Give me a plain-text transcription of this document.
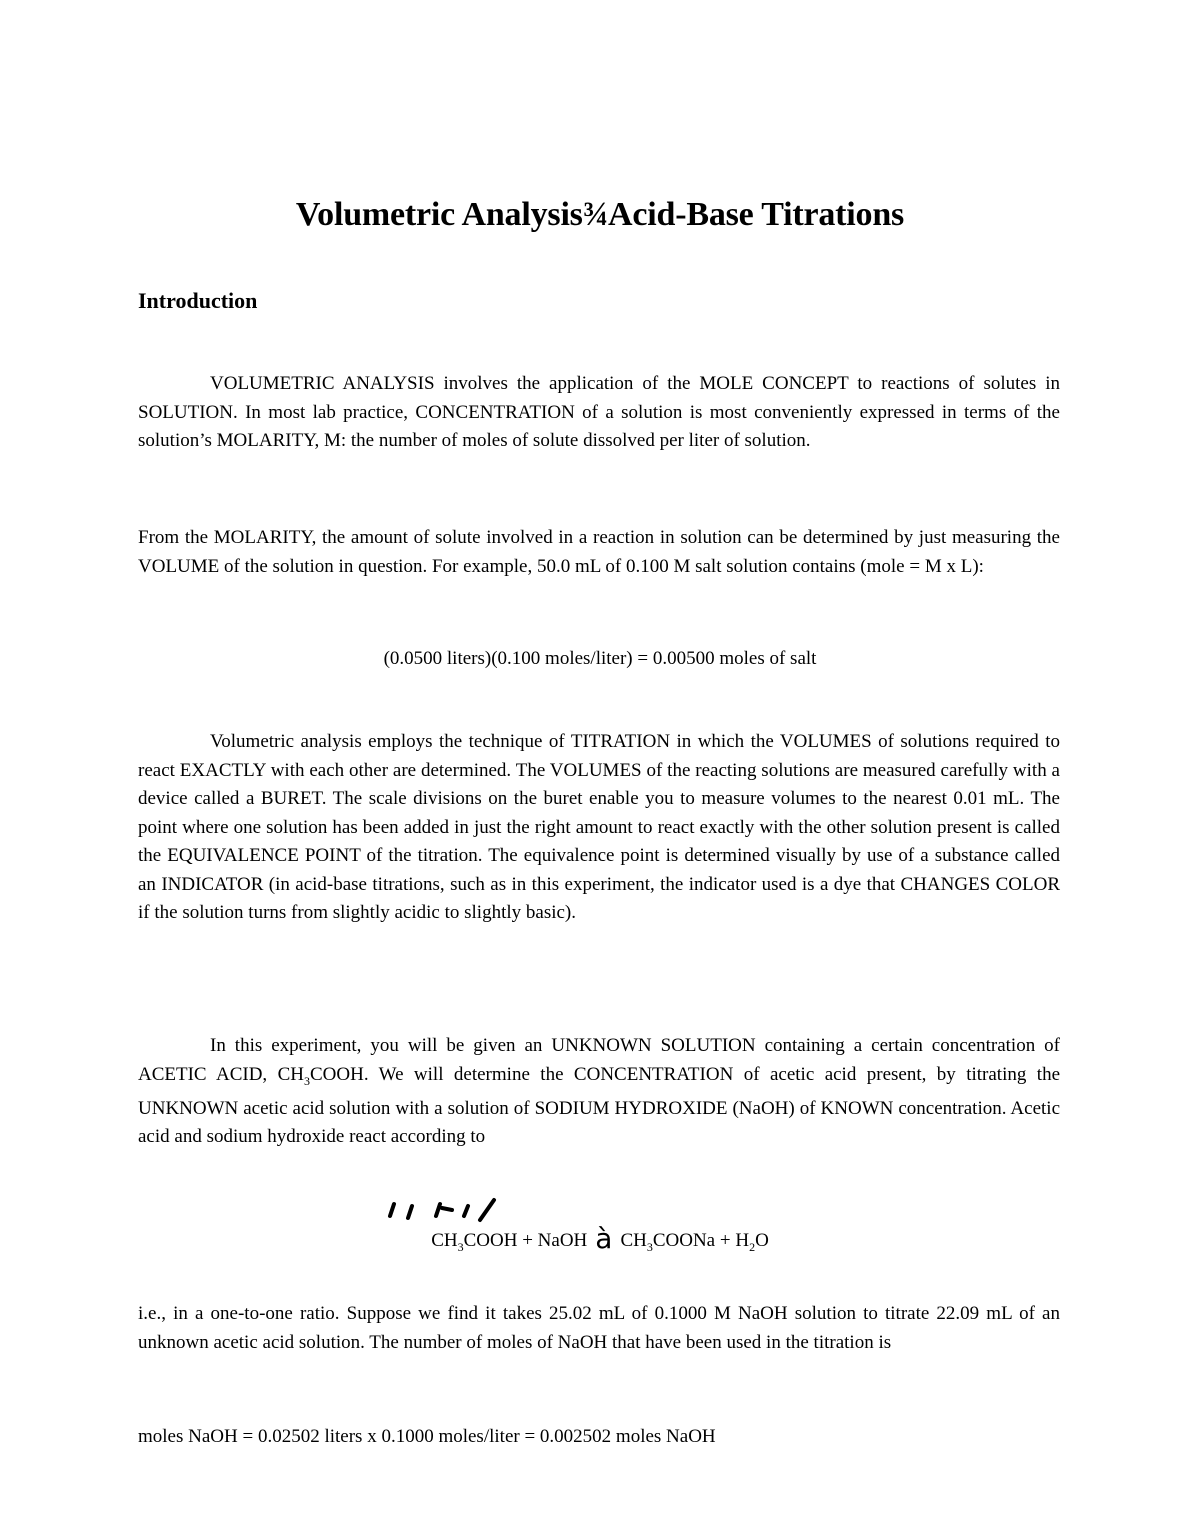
Volumetric Analysis¾Acid-Base Titrations
Introduction
VOLUMETRIC ANALYSIS involves the application of the MOLE CONCEPT to reactions of solutes in SOLUTION. In most lab practice, CONCENTRATION of a solution is most conveniently expressed in terms of the solution’s MOLARITY, M: the number of moles of solute dissolved per liter of solution.
From the MOLARITY, the amount of solute involved in a reaction in solution can be determined by just measuring the VOLUME of the solution in question. For example, 50.0 mL of 0.100 M salt solution contains (mole = M x L):
(0.0500 liters)(0.100 moles/liter) = 0.00500 moles of salt
Volumetric analysis employs the technique of TITRATION in which the VOLUMES of solutions required to react EXACTLY with each other are determined. The VOLUMES of the reacting solutions are measured carefully with a device called a BURET. The scale divisions on the buret enable you to measure volumes to the nearest 0.01 mL. The point where one solution has been added in just the right amount to react exactly with the other solution present is called the EQUIVALENCE POINT of the titration. The equivalence point is determined visually by use of a substance called an INDICATOR (in acid-base titrations, such as in this experiment, the indicator used is a dye that CHANGES COLOR if the solution turns from slightly acidic to slightly basic).
In this experiment, you will be given an UNKNOWN SOLUTION containing a certain concentration of ACETIC ACID, $CH_3COOH$. We will determine the CONCENTRATION of acetic acid present, by titrating the UNKNOWN acetic acid solution with a solution of SODIUM HYDROXIDE (NaOH) of KNOWN concentration. Acetic acid and sodium hydroxide react according to
$CH_3COOH$ + NaOH à $CH_3COONa + H_2O$
i.e., in a one-to-one ratio. Suppose we find it takes 25.02 mL of 0.1000 M NaOH solution to titrate 22.09 mL of an unknown acetic acid solution. The number of moles of NaOH that have been used in the titration is
moles NaOH = 0.02502 liters x 0.1000 moles/liter = 0.002502 moles NaOH
